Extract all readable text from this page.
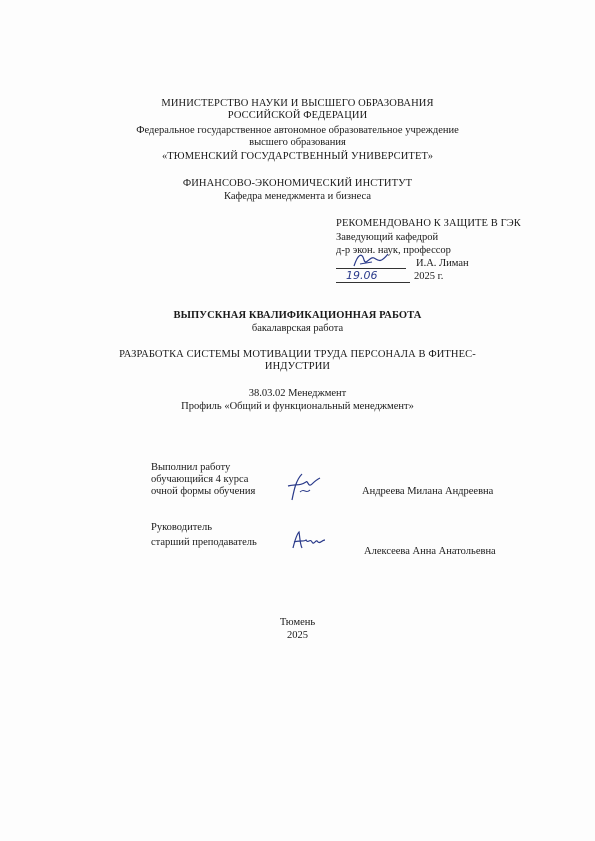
МИНИСТЕРСТВО НАУКИ И ВЫСШЕГО ОБРАЗОВАНИЯ
РОССИЙСКОЙ ФЕДЕРАЦИИ
Федеральное государственное автономное образовательное учреждение
высшего образования
«ТЮМЕНСКИЙ ГОСУДАРСТВЕННЫЙ УНИВЕРСИТЕТ»
ФИНАНСОВО-ЭКОНОМИЧЕСКИЙ ИНСТИТУТ
Кафедра менеджмента и бизнеса
РЕКОМЕНДОВАНО К ЗАЩИТЕ В ГЭК
Заведующий кафедрой
д-р экон. наук, профессор
И.А. Лиман
19.06	2025 г.
ВЫПУСКНАЯ КВАЛИФИКАЦИОННАЯ РАБОТА
бакалаврская работа
РАЗРАБОТКА СИСТЕМЫ МОТИВАЦИИ ТРУДА ПЕРСОНАЛА В ФИТНЕС-
ИНДУСТРИИ
38.03.02 Менеджмент
Профиль «Общий и функциональный менеджмент»
Выполнил работу
обучающийся 4 курса
очной формы обучения	Андреева Милана Андреевна
Руководитель
старший преподаватель
Алексеева Анна Анатольевна
Тюмень
2025
